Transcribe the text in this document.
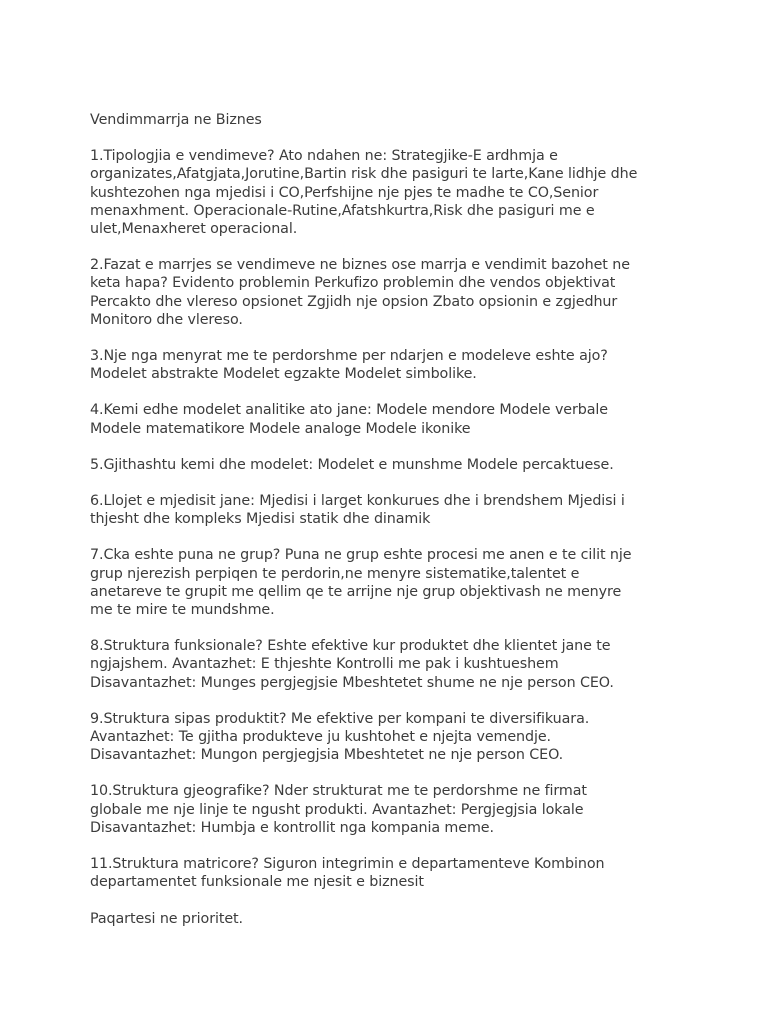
Vendimmarrja ne Biznes
1.Tipologjia e vendimeve? Ato ndahen ne: Strategjike-E ardhmja e
organizates,Afatgjata,Jorutine,Bartin risk dhe pasiguri te larte,Kane lidhje dhe
kushtezohen nga mjedisi i CO,Perfshijne nje pjes te madhe te CO,Senior
menaxhment. Operacionale-Rutine,Afatshkurtra,Risk dhe pasiguri me e
ulet,Menaxheret operacional.
2.Fazat e marrjes se vendimeve ne biznes ose marrja e vendimit bazohet ne
keta hapa? Evidento problemin Perkufizo problemin dhe vendos objektivat
Percakto dhe vlereso opsionet Zgjidh nje opsion Zbato opsionin e zgjedhur
Monitoro dhe vlereso.
3.Nje nga menyrat me te perdorshme per ndarjen e modeleve eshte ajo?
Modelet abstrakte Modelet egzakte Modelet simbolike.
4.Kemi edhe modelet analitike ato jane: Modele mendore Modele verbale
Modele matematikore Modele analoge Modele ikonike
5.Gjithashtu kemi dhe modelet: Modelet e munshme Modele percaktuese.
6.Llojet e mjedisit jane: Mjedisi i larget konkurues dhe i brendshem Mjedisi i
thjesht dhe kompleks Mjedisi statik dhe dinamik
7.Cka eshte puna ne grup? Puna ne grup eshte procesi me anen e te cilit nje
grup njerezish perpiqen te perdorin,ne menyre sistematike,talentet e
anetareve te grupit me qellim qe te arrijne nje grup objektivash ne menyre
me te mire te mundshme.
8.Struktura funksionale? Eshte efektive kur produktet dhe klientet jane te
ngjajshem. Avantazhet: E thjeshte Kontrolli me pak i kushtueshem
Disavantazhet: Munges pergjegjsie Mbeshtetet shume ne nje person CEO.
9.Struktura sipas produktit? Me efektive per kompani te diversifikuara.
Avantazhet: Te gjitha produkteve ju kushtohet e njejta vemendje.
Disavantazhet: Mungon pergjegjsia Mbeshtetet ne nje person CEO.
10.Struktura gjeografike? Nder strukturat me te perdorshme ne firmat
globale me nje linje te ngusht produkti. Avantazhet: Pergjegjsia lokale
Disavantazhet: Humbja e kontrollit nga kompania meme.
11.Struktura matricore? Siguron integrimin e departamenteve Kombinon
departamentet funksionale me njesit e biznesit
Paqartesi ne prioritet.
